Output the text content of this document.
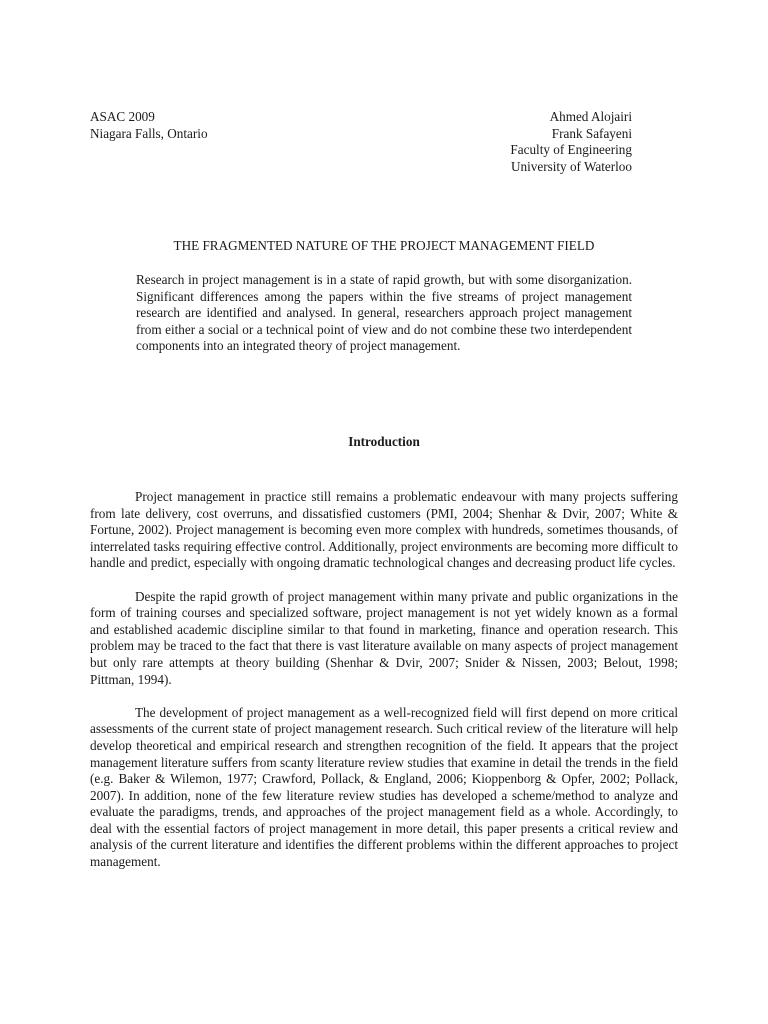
ASAC 2009
Niagara Falls, Ontario
Ahmed Alojairi
Frank Safayeni
Faculty of Engineering
University of Waterloo
THE FRAGMENTED NATURE OF THE PROJECT MANAGEMENT FIELD
Research in project management is in a state of rapid growth, but with some disorganization. Significant differences among the papers within the five streams of project management research are identified and analysed. In general, researchers approach project management from either a social or a technical point of view and do not combine these two interdependent components into an integrated theory of project management.
Introduction

Project management in practice still remains a problematic endeavour with many projects suffering from late delivery, cost overruns, and dissatisfied customers (PMI, 2004; Shenhar & Dvir, 2007; White & Fortune, 2002). Project management is becoming even more complex with hundreds, sometimes thousands, of interrelated tasks requiring effective control. Additionally, project environments are becoming more difficult to handle and predict, especially with ongoing dramatic technological changes and decreasing product life cycles.

Despite the rapid growth of project management within many private and public organizations in the form of training courses and specialized software, project management is not yet widely known as a formal and established academic discipline similar to that found in marketing, finance and operation research. This problem may be traced to the fact that there is vast literature available on many aspects of project management but only rare attempts at theory building (Shenhar & Dvir, 2007; Snider & Nissen, 2003; Belout, 1998; Pittman, 1994).

The development of project management as a well-recognized field will first depend on more critical assessments of the current state of project management research. Such critical review of the literature will help develop theoretical and empirical research and strengthen recognition of the field. It appears that the project management literature suffers from scanty literature review studies that examine in detail the trends in the field (e.g. Baker & Wilemon, 1977; Crawford, Pollack, & England, 2006; Kioppenborg & Opfer, 2002; Pollack, 2007). In addition, none of the few literature review studies has developed a scheme/method to analyze and evaluate the paradigms, trends, and approaches of the project management field as a whole. Accordingly, to deal with the essential factors of project management in more detail, this paper presents a critical review and analysis of the current literature and identifies the different problems within the different approaches to project management.
